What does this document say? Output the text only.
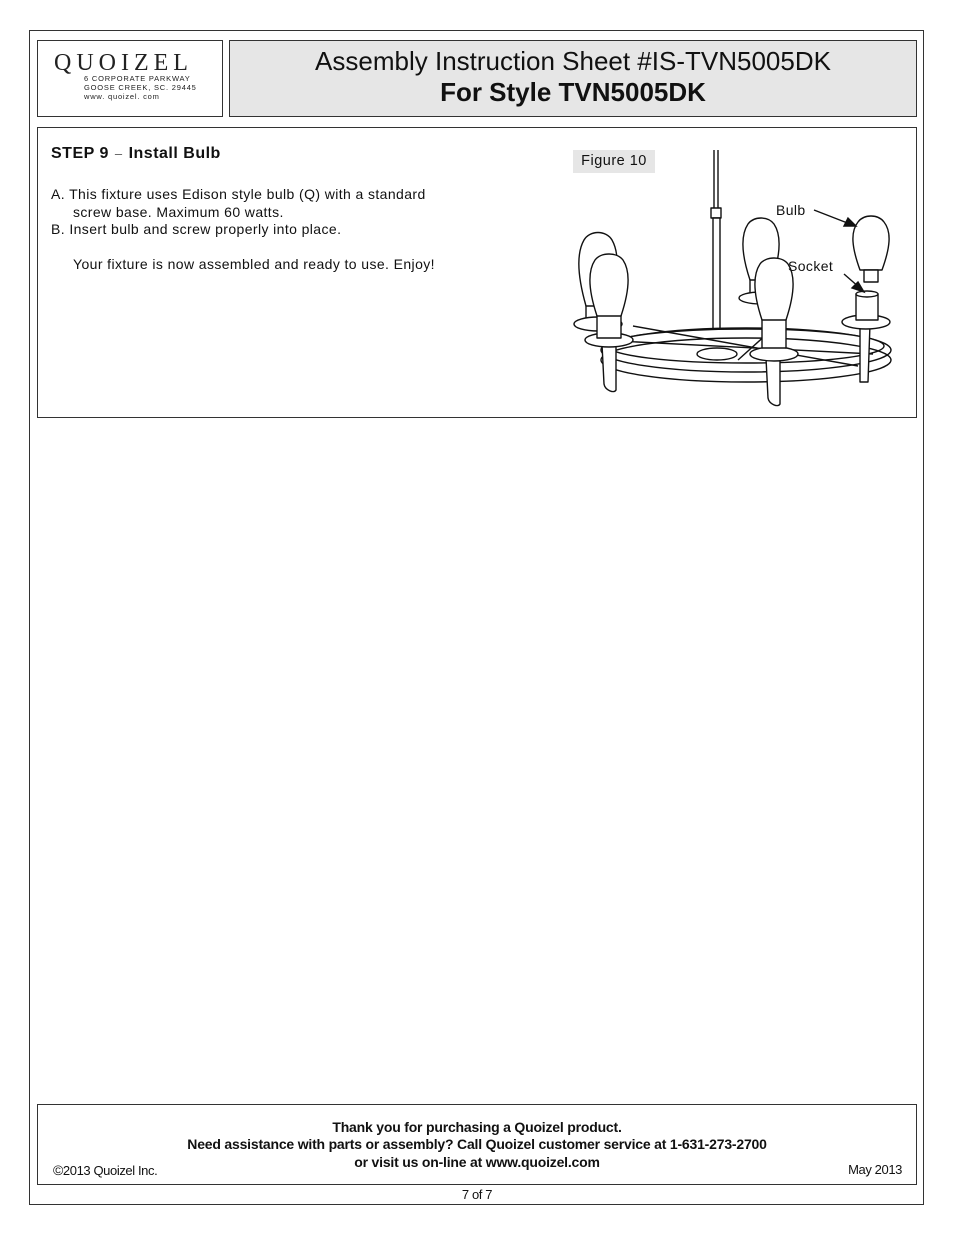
QUOIZEL
6 CORPORATE PARKWAY
GOOSE CREEK, SC. 29445
www. quoizel. com
Assembly Instruction Sheet #IS-TVN5005DK
For Style TVN5005DK
STEP 9 – Install Bulb
A. This fixture uses Edison style bulb (Q) with a standard
screw base. Maximum 60 watts.
B. Insert bulb and screw properly into place.
Your fixture is now assembled and ready to use. Enjoy!
Figure 10
Bulb
Socket
Thank you for purchasing a Quoizel product.
Need assistance with parts or assembly? Call Quoizel customer service at 1-631-273-2700
or visit us on-line at www.quoizel.com
©2013 Quoizel Inc.	May 2013
7 of 7
